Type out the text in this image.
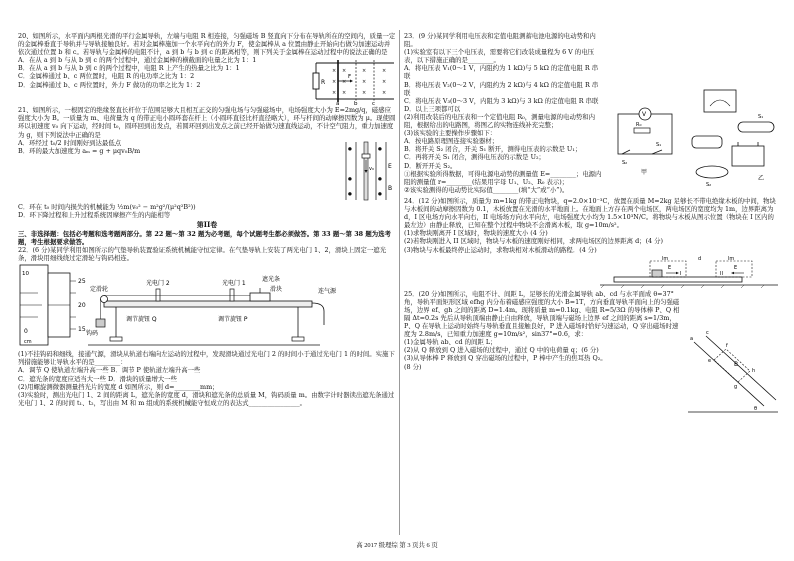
20、如图所示，水平面内两根光滑的平行金属导轨，左端与电阻 R 相连接，匀强磁场 B 竖直向下分布在导轨所在的空间内，质量一定的金属棒垂直于导轨并与导轨接触良好。若对金属棒施加一个水平向右的外力 F，使金属棒从 a 位置由静止开始向右做匀加速运动并依次通过位置 b 和 c。若导轨与金属棒的电阻不计，a 到 b 与 b 到 c 的距离相等，则下列关于金属棒在运动过程中的说法正确的是

A．在从 a 到 b 与从 b 到 c 的两个过程中，通过金属棒的横截面的电量之比为 1：1
B．在从 a 到 b 与从 b 到 c 的两个过程中，电阻 R 上产生的热量之比为 1：1
C．金属棒通过 b、c 两位置时，电阻 R 的电功率之比为 1：2
D．金属棒通过 b、c 两位置时，外力 F 做功的功率之比为 1：2	R
× ×	×	×
× ×	×	×
× ×	×	×
a	b	c
F

21、如图所示，一根固定的绝缘竖直长杆位于范围足够大且相互正交的匀强电场与匀强磁场中，电场强度大小为 E=2mg/q，磁感应强度大小为 B。一质量为 m、电荷量为 q 的带正电小圆环套在杆上（小圆环直径比杆直径略大），环与杆间的动摩擦因数为 μ。现使圆环以初速度 v₀ 向下运动，经时间 t₀，圆环回到出发点，若圆环回到出发点之前已经开始做匀速直线运动，不计空气阻力，重力加速度为 g，则下列说法中正确的是

A．环经过 t₀/2 时间刚好到达最低点
B．环的最大加速度为 aₘ = g + μqv₀B/m

v₀ E
●	●
●	●
●	●
B

C．环在 t₀ 时间内损失的机械能为 ½m(v₀² − m²g²/(μ²q²B²))
D．环下降过程和上升过程系统因摩擦产生的内能相等

第II卷

三、非选择题：包括必考题和选考题两部分。第 22 题～第 32 题为必考题，每个试题考生都必须做答。第 33 题～第 38 题为选考题，考生根据要求做答。

22．(6 分)某同学利用如图所示的气垫导轨装置验证系统机械能守恒定律。在气垫导轨上安装了两光电门 1、2，滑块上固定一遮光条，滑块用细线绕过定滑轮与钩码相连。

0
10
25
20
15
cm
光电门 2	光电门 1
遮光条
滑块
定滑轮
钩码
连气源
调节旋钮 Q	调节旋钮 P

(1)不挂钩码和细线，接通气源，滑块从轨道右端向左运动的过程中，发现滑块通过光电门 2 的时间小于通过光电门 1 的时间。实施下列措施能够让导轨水平的是________：
A．调节 Q 使轨道左端升高一些 B．调节 P 使轨道左端升高一些
C．遮光条的宽度应适当大一些 D．滑块的质量增大一些
(2)用螺旋测微器测量挡光片的宽度 d 如图所示，则 d=________mm；
(3)实验时，测出光电门 1、2 间的距离 L，遮光条的宽度 d，滑块和遮光条的总质量 M，钩码质量 m。由数字计时器读出遮光条通过光电门 1、2 的时间 t₁、t₂，写出由 M 和 m 组成的系统机械能守恒成立的表达式________________。

23．(9 分)某同学利用电压表和定值电阻测蓄电池电源的电动势和内阻。
(1)实验室有以下三个电压表，需要将它们改装成量程为 6 V 的电压表，以下措施正确的是________。
A．将电压表 V₁(0～1 V，内阻约为 1 kΩ)与 5 kΩ 的定值电阻 R 串联
B．将电压表 V₂(0～2 V，内阻约为 2 kΩ)与 4 kΩ 的定值电阻 R 串联
C．将电压表 V₃(0～3 V，内阻为 3 kΩ)与 3 kΩ 的定值电阻 R 串联
D．以上三项都可以
(2)利用改装后的电压表和一个定值电阻 R₀，测量电源的电动势和内阻，根据给出的电路图，将图乙的实物连线补充完整；
(3)该实验的主要操作步骤如下：
A．按电路原理图连接实验器材；
B．将开关 S₂ 闭合，开关 S₁ 断开，测得电压表的示数是 U₁；
C．再将开关 S₁ 闭合，测得电压表的示数是 U₂；
D．断开开关 S₂。
①根据实验所得数据，可得电源电动势的测量值 E=________；电源内阻的测量值 r=________(结果用字母 U₁、U₂、R₀ 表示)；
②该实验测得的电动势比实际值________(填“大”或“小”)。

V
R₀
S₁
S₂
甲
S₁
S₂
乙

24．(12 分)如图所示，质量为 m=1kg 的带正电物块，q=2.0×10⁻³C，放置在质量 M=2kg 足够长不带电绝缘木板的中间，物块与木板间的动摩擦因数为 0.1，木板放置在光滑的水平地面上。在地面上方存在两个电场区，两电场区的宽度均为 1m，边界距离为 d，I 区电场方向水平向右，II 电场场方向水平向左，电场强度大小均为 1.5×10³N/C。将物块与木板从图示位置（物块在 I 区内的最左边）由静止释放，已知在整个过程中物块不会滑离木板，取 g=10m/s²。
(1)求物块刚离开 I 区域时，物块的速度大小 (4 分)
(2)若物块刚进入 II 区域时，物块与木板的速度刚好相同，求两电场区的边界距离 d；(4 分)
(3)物块与木板最终停止运动时，求物块相对木板滑动的路程．(4 分)

lm	d	lm
E
I
E
II

25．(20 分)如图所示，电阻不计、间距 L，足够长的光滑金属导轨 ab、cd 与水平面成 θ=37°角，导轨平面矩形区域 efhg 内分布着磁感应强度的大小 B=1T，方向垂直导轨平面向上的匀强磁场，边界 ef、gh 之间的距离 D=1.4m。现将质量 m=0.1kg、电阻 R=5/3Ω 的导体棒 P、Q 相隔 Δt=0.2s 先后从导轨顶端由静止自由释放，导轨顶端与磁场上边界 ef 之间的距离 s=1/3m，P、Q 在导轨上运动时始终与导轨垂直且接触良好，P 进入磁场时恰好匀速运动，Q 穿出磁场时速度为 2.8m/s，已知重力加速度 g=10m/s²，sin37°=0.6，求：
(1)金属导轨 ab、cd 的间距 L；
(2)从 Q 释放到 Q 进入磁场的过程中，通过 Q 中的电荷量 q；(6 分)
(3)从导体棒 P 释放到 Q 穿出磁场的过程中，P 棒中产生的焦耳热 Q₂。
(8 分)

a
c
e
f
g
h
B
θ
高 2017 级理综 第 3 页共 6 页
